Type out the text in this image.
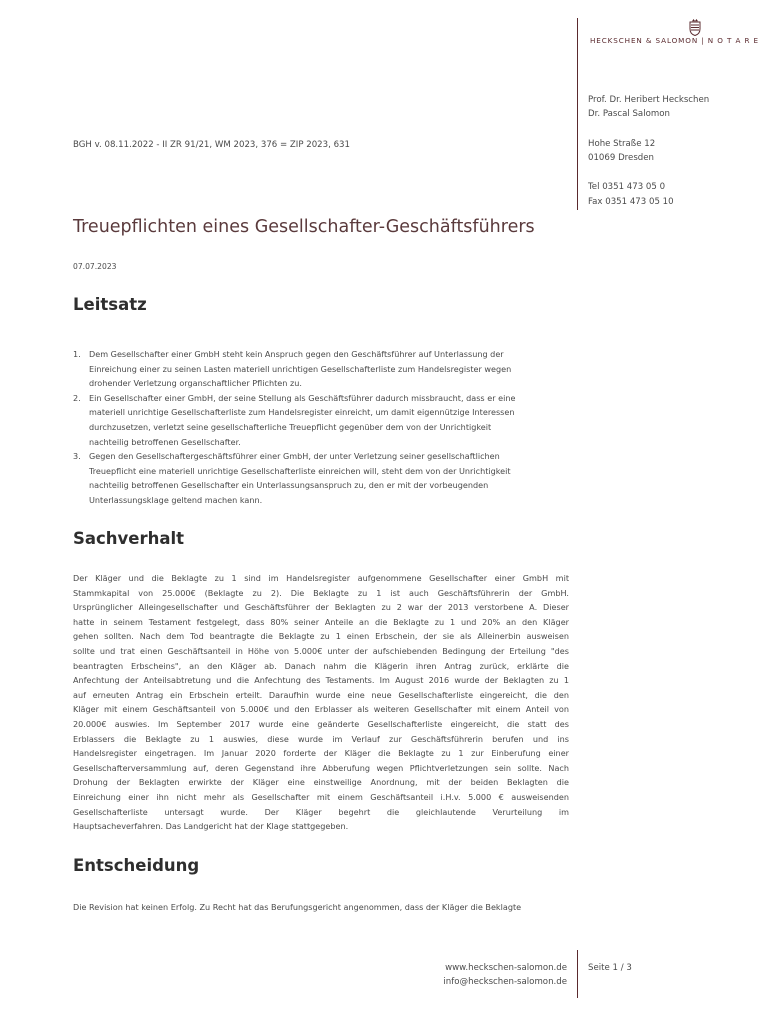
HECKSCHEN & SALOMON | N O T A R E
Prof. Dr. Heribert Heckschen
Dr. Pascal Salomon
Hohe Straße 12
01069 Dresden
Tel 0351 473 05 0
Fax 0351 473 05 10
BGH v. 08.11.2022 - II ZR 91/21, WM 2023, 376 = ZIP 2023, 631
Treuepflichten eines Gesellschafter-Geschäftsführers
07.07.2023
Leitsatz
1. Dem Gesellschafter einer GmbH steht kein Anspruch gegen den Geschäftsführer auf Unterlassung der
Einreichung einer zu seinen Lasten materiell unrichtigen Gesellschafterliste zum Handelsregister wegen
drohender Verletzung organschaftlicher Pflichten zu.
2. Ein Gesellschafter einer GmbH, der seine Stellung als Geschäftsführer dadurch missbraucht, dass er eine
materiell unrichtige Gesellschafterliste zum Handelsregister einreicht, um damit eigennützige Interessen
durchzusetzen, verletzt seine gesellschafterliche Treuepflicht gegenüber dem von der Unrichtigkeit
nachteilig betroffenen Gesellschafter.
3. Gegen den Gesellschaftergeschäftsführer einer GmbH, der unter Verletzung seiner gesellschaftlichen
Treuepflicht eine materiell unrichtige Gesellschafterliste einreichen will, steht dem von der Unrichtigkeit
nachteilig betroffenen Gesellschafter ein Unterlassungsanspruch zu, den er mit der vorbeugenden
Unterlassungsklage geltend machen kann.
Sachverhalt

Der Kläger und die Beklagte zu 1 sind im Handelsregister aufgenommene Gesellschafter einer GmbH mit
Stammkapital von 25.000€ (Beklagte zu 2). Die Beklagte zu 1 ist auch Geschäftsführerin der GmbH.
Ursprünglicher Alleingesellschafter und Geschäftsführer der Beklagten zu 2 war der 2013 verstorbene A. Dieser
hatte in seinem Testament festgelegt, dass 80% seiner Anteile an die Beklagte zu 1 und 20% an den Kläger
gehen sollten. Nach dem Tod beantragte die Beklagte zu 1 einen Erbschein, der sie als Alleinerbin ausweisen
sollte und trat einen Geschäftsanteil in Höhe von 5.000€ unter der aufschiebenden Bedingung der Erteilung "des
beantragten Erbscheins", an den Kläger ab. Danach nahm die Klägerin ihren Antrag zurück, erklärte die
Anfechtung der Anteilsabtretung und die Anfechtung des Testaments. Im August 2016 wurde der Beklagten zu 1
auf erneuten Antrag ein Erbschein erteilt. Daraufhin wurde eine neue Gesellschafterliste eingereicht, die den
Kläger mit einem Geschäftsanteil von 5.000€ und den Erblasser als weiteren Gesellschafter mit einem Anteil von
20.000€ auswies. Im September 2017 wurde eine geänderte Gesellschafterliste eingereicht, die statt des
Erblassers die Beklagte zu 1 auswies, diese wurde im Verlauf zur Geschäftsführerin berufen und ins
Handelsregister eingetragen. Im Januar 2020 forderte der Kläger die Beklagte zu 1 zur Einberufung einer
Gesellschafterversammlung auf, deren Gegenstand ihre Abberufung wegen Pflichtverletzungen sein sollte. Nach
Drohung der Beklagten erwirkte der Kläger eine einstweilige Anordnung, mit der beiden Beklagten die
Einreichung einer ihn nicht mehr als Gesellschafter mit einem Geschäftsanteil i.H.v. 5.000 € ausweisenden
Gesellschafterliste untersagt wurde. Der Kläger begehrt die gleichlautende Verurteilung im
Hauptsacheverfahren. Das Landgericht hat der Klage stattgegeben.

Entscheidung

Die Revision hat keinen Erfolg. Zu Recht hat das Berufungsgericht angenommen, dass der Kläger die Beklagte

www.heckschen-salomon.de
info@heckschen-salomon.de
Seite 1 / 3
